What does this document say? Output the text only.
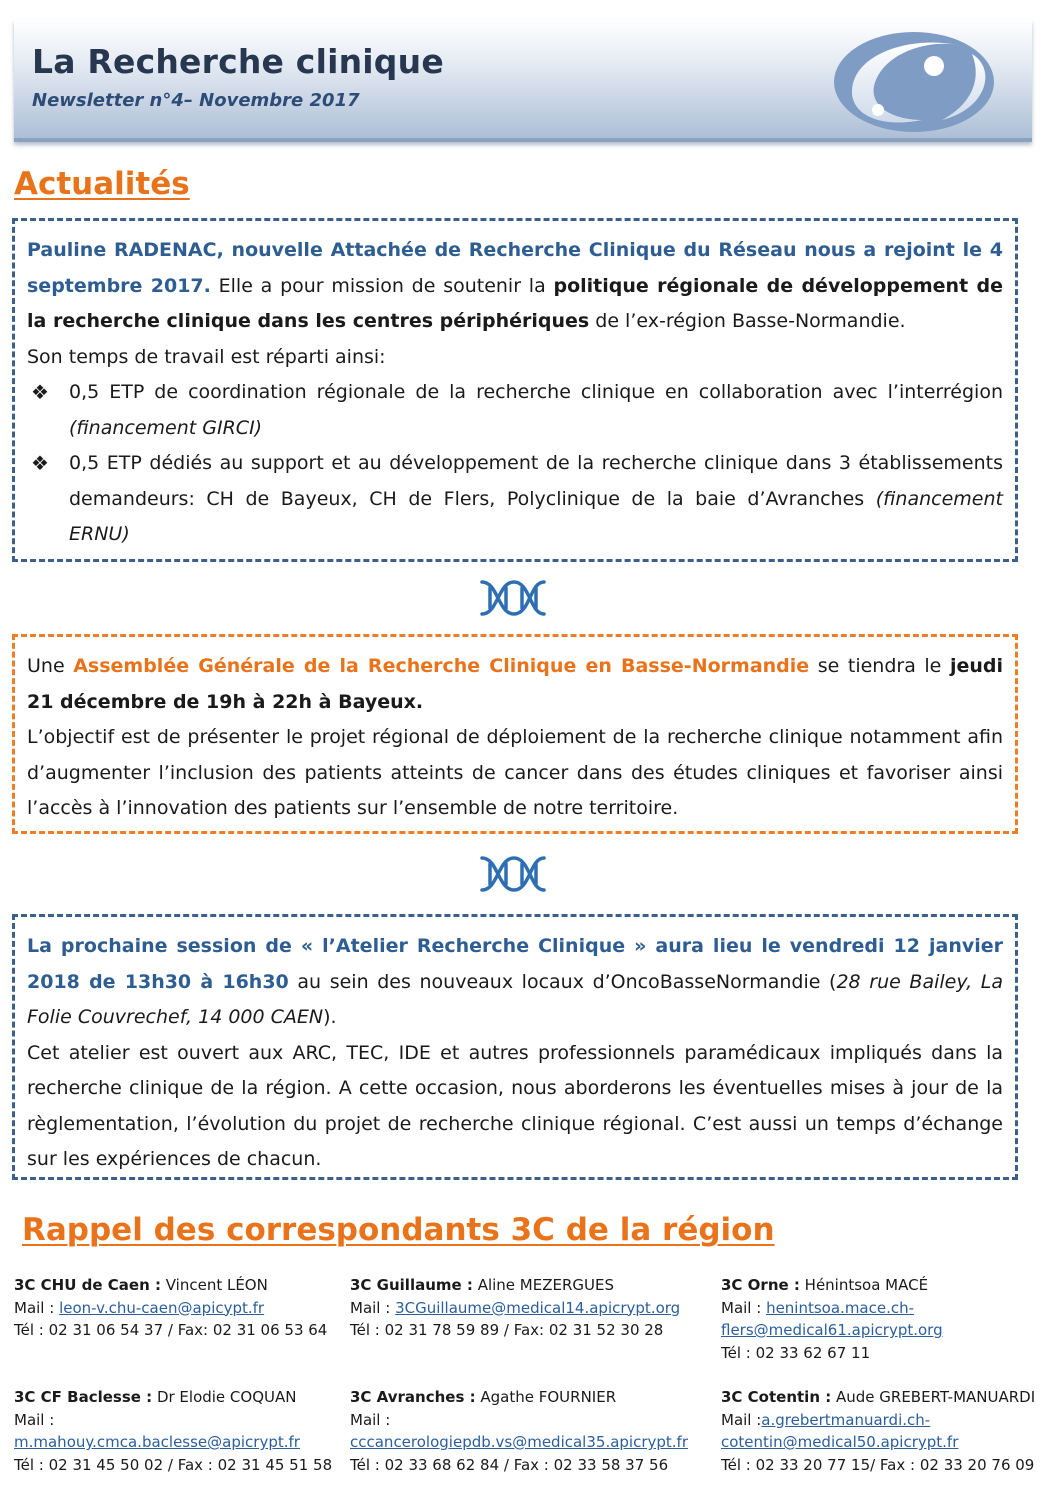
La Recherche clinique
Newsletter n°4– Novembre 2017
Actualités

Pauline RADENAC, nouvelle Attachée de Recherche Clinique du Réseau nous a rejoint le 4 septembre 2017. Elle a pour mission de soutenir la politique régionale de développement de la recherche clinique dans les centres périphériques de l’ex-région Basse-Normandie.

Son temps de travail est réparti ainsi:

❖ 0,5 ETP de coordination régionale de la recherche clinique en collaboration avec l’interrégion (financement GIRCI)

❖ 0,5 ETP dédiés au support et au développement de la recherche clinique dans 3 établissements demandeurs: CH de Bayeux, CH de Flers, Polyclinique de la baie d’Avranches (financement ERNU)

Une Assemblée Générale de la Recherche Clinique en Basse-Normandie se tiendra le jeudi 21 décembre de 19h à 22h à Bayeux.

L’objectif est de présenter le projet régional de déploiement de la recherche clinique notamment afin d’augmenter l’inclusion des patients atteints de cancer dans des études cliniques et favoriser ainsi l’accès à l’innovation des patients sur l’ensemble de notre territoire.

La prochaine session de « l’Atelier Recherche Clinique » aura lieu le vendredi 12 janvier 2018 de 13h30 à 16h30 au sein des nouveaux locaux d’OncoBasseNormandie (28 rue Bailey, La Folie Couvrechef, 14 000 CAEN).

Cet atelier est ouvert aux ARC, TEC, IDE et autres professionnels paramédicaux impliqués dans la recherche clinique de la région. A cette occasion, nous aborderons les éventuelles mises à jour de la règlementation, l’évolution du projet de recherche clinique régional. C’est aussi un temps d’échange sur les expériences de chacun.

Rappel des correspondants 3C de la région
3C CHU de Caen : Vincent LÉON
Mail : leon-v.chu-caen@apicypt.fr
Tél : 02 31 06 54 37 / Fax: 02 31 06 53 64
3C Guillaume : Aline MEZERGUES
Mail : 3CGuillaume@medical14.apicrypt.org
Tél : 02 31 78 59 89 / Fax: 02 31 52 30 28
3C Orne : Hénintsoa MACÉ
Mail : henintsoa.mace.ch-flers@medical61.apicrypt.org
Tél : 02 33 62 67 11
3C CF Baclesse : Dr Elodie COQUAN
Mail :
m.mahouy.cmca.baclesse@apicrypt.fr
Tél : 02 31 45 50 02 / Fax : 02 31 45 51 58
3C Avranches : Agathe FOURNIER
Mail :
cccancerologiepdb.vs@medical35.apicrypt.fr
Tél : 02 33 68 62 84 / Fax : 02 33 58 37 56
3C Cotentin : Aude GREBERT-MANUARDI
Mail :a.grebertmanuardi.ch-cotentin@medical50.apicrypt.fr
Tél : 02 33 20 77 15/ Fax : 02 33 20 76 09
